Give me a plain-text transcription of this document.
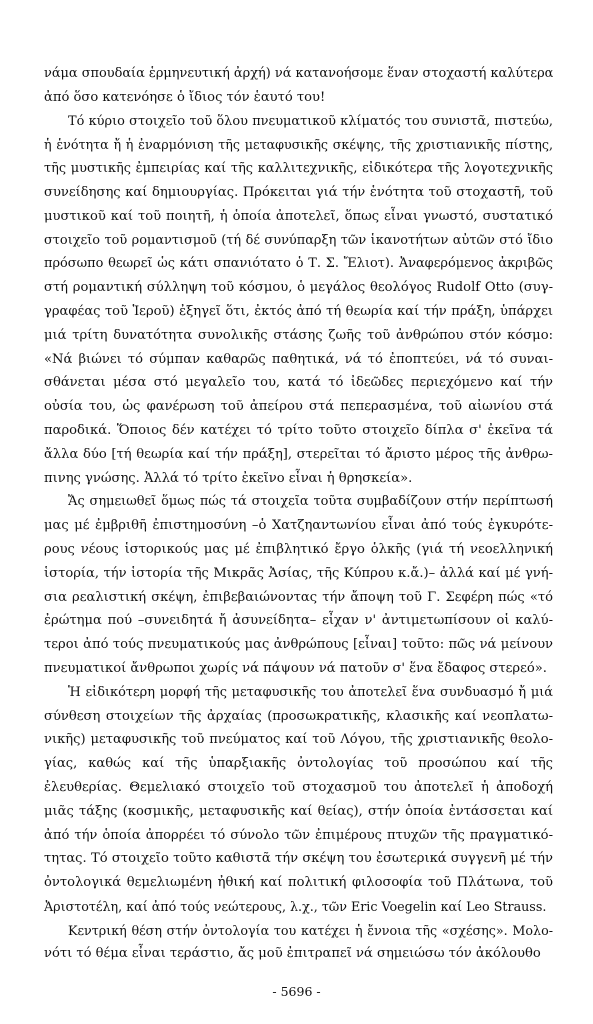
νάμα σπουδαία ἑρμηνευτική ἀρχή) νά κατανοήσομε ἕναν στοχαστή καλύτερα
ἀπό ὅσο κατενόησε ὁ ἴδιος τόν ἑαυτό του!
Τό κύριο στοιχεῖο τοῦ ὅλου πνευματικοῦ κλίματός του συνιστᾶ, πιστεύω,
ἡ ἑνότητα ἤ ἡ ἐναρμόνιση τῆς μεταφυσικῆς σκέψης, τῆς χριστιανικῆς πίστης,
τῆς μυστικῆς ἐμπειρίας καί τῆς καλλιτεχνικῆς, εἰδικότερα τῆς λογοτεχνικῆς
συνείδησης καί δημιουργίας. Πρόκειται γιά τήν ἑνότητα τοῦ στοχαστῆ, τοῦ
μυστικοῦ καί τοῦ ποιητῆ, ἡ ὁποία ἀποτελεῖ, ὅπως εἶναι γνωστό, συστατικό
στοιχεῖο τοῦ ρομαντισμοῦ (τή δέ συνύπαρξη τῶν ἱκανοτήτων αὐτῶν στό ἴδιο
πρόσωπο θεωρεῖ ὡς κάτι σπανιότατο ὁ Τ. Σ. Ἔλιοτ). Ἀναφερόμενος ἀκριβῶς
στή ρομαντική σύλληψη τοῦ κόσμου, ὁ μεγάλος θεολόγος Rudolf Otto (συγ-
γραφέας τοῦ Ἱεροῦ) ἐξηγεῖ ὅτι, ἐκτός ἀπό τή θεωρία καί τήν πράξη, ὑπάρχει
μιά τρίτη δυνατότητα συνολικῆς στάσης ζωῆς τοῦ ἀνθρώπου στόν κόσμο:
«Νά βιώνει τό σύμπαν καθαρῶς παθητικά, νά τό ἐποπτεύει, νά τό συναι-
σθάνεται μέσα στό μεγαλεῖο του, κατά τό ἰδεῶδες περιεχόμενο καί τήν
οὐσία του, ὡς φανέρωση τοῦ ἀπείρου στά πεπερασμένα, τοῦ αἰωνίου στά
παροδικά. Ὅποιος δέν κατέχει τό τρίτο τοῦτο στοιχεῖο δίπλα σ' ἐκεῖνα τά
ἄλλα δύο [τή θεωρία καί τήν πράξη], στερεῖται τό ἄριστο μέρος τῆς ἀνθρω-
πινης γνώσης. Ἀλλά τό τρίτο ἐκεῖνο εἶναι ἡ θρησκεία».
Ἄς σημειωθεῖ ὅμως πώς τά στοιχεῖα τοῦτα συμβαδίζουν στήν περίπτωσή
μας μέ ἐμβριθῆ ἐπιστημοσύνη –ὁ Χατζηαντωνίου εἶναι ἀπό τούς ἐγκυρότε-
ρους νέους ἱστορικούς μας μέ ἐπιβλητικό ἔργο ὁλκῆς (γιά τή νεοελληνική
ἱστορία, τήν ἱστορία τῆς Μικρᾶς Ἀσίας, τῆς Κύπρου κ.ἄ.)– ἀλλά καί μέ γνή-
σια ρεαλιστική σκέψη, ἐπιβεβαιώνοντας τήν ἄποψη τοῦ Γ. Σεφέρη πώς «τό
ἐρώτημα πού –συνειδητά ἤ ἀσυνείδητα– εἶχαν ν' ἀντιμετωπίσουν οἱ καλύ-
τεροι ἀπό τούς πνευματικούς μας ἀνθρώπους [εἶναι] τοῦτο: πῶς νά μείνουν
πνευματικοί ἄνθρωποι χωρίς νά πάψουν νά πατοῦν σ' ἕνα ἔδαφος στερεό».
Ἡ εἰδικότερη μορφή τῆς μεταφυσικῆς του ἀποτελεῖ ἕνα συνδυασμό ἤ μιά
σύνθεση στοιχείων τῆς ἀρχαίας (προσωκρατικῆς, κλασικῆς καί νεοπλατω-
νικῆς) μεταφυσικῆς τοῦ πνεύματος καί τοῦ Λόγου, τῆς χριστιανικῆς θεολο-
γίας, καθώς καί τῆς ὑπαρξιακῆς ὀντολογίας τοῦ προσώπου καί τῆς
ἐλευθερίας. Θεμελιακό στοιχεῖο τοῦ στοχασμοῦ του ἀποτελεῖ ἡ ἀποδοχή
μιᾶς τάξης (κοσμικῆς, μεταφυσικῆς καί θείας), στήν ὁποία ἐντάσσεται καί
ἀπό τήν ὁποία ἀπορρέει τό σύνολο τῶν ἐπιμέρους πτυχῶν τῆς πραγματικό-
τητας. Τό στοιχεῖο τοῦτο καθιστᾶ τήν σκέψη του ἐσωτερικά συγγενῆ μέ τήν
ὀντολογικά θεμελιωμένη ἠθική καί πολιτική φιλοσοφία τοῦ Πλάτωνα, τοῦ
Ἀριστοτέλη, καί ἀπό τούς νεώτερους, λ.χ., τῶν Eric Voegelin καί Leo Strauss.
Κεντρική θέση στήν ὀντολογία του κατέχει ἡ ἔννοια τῆς «σχέσης». Μολο-
νότι τό θέμα εἶναι τεράστιο, ἄς μοῦ ἐπιτραπεῖ νά σημειώσω τόν ἀκόλουθο
- 5696 -
